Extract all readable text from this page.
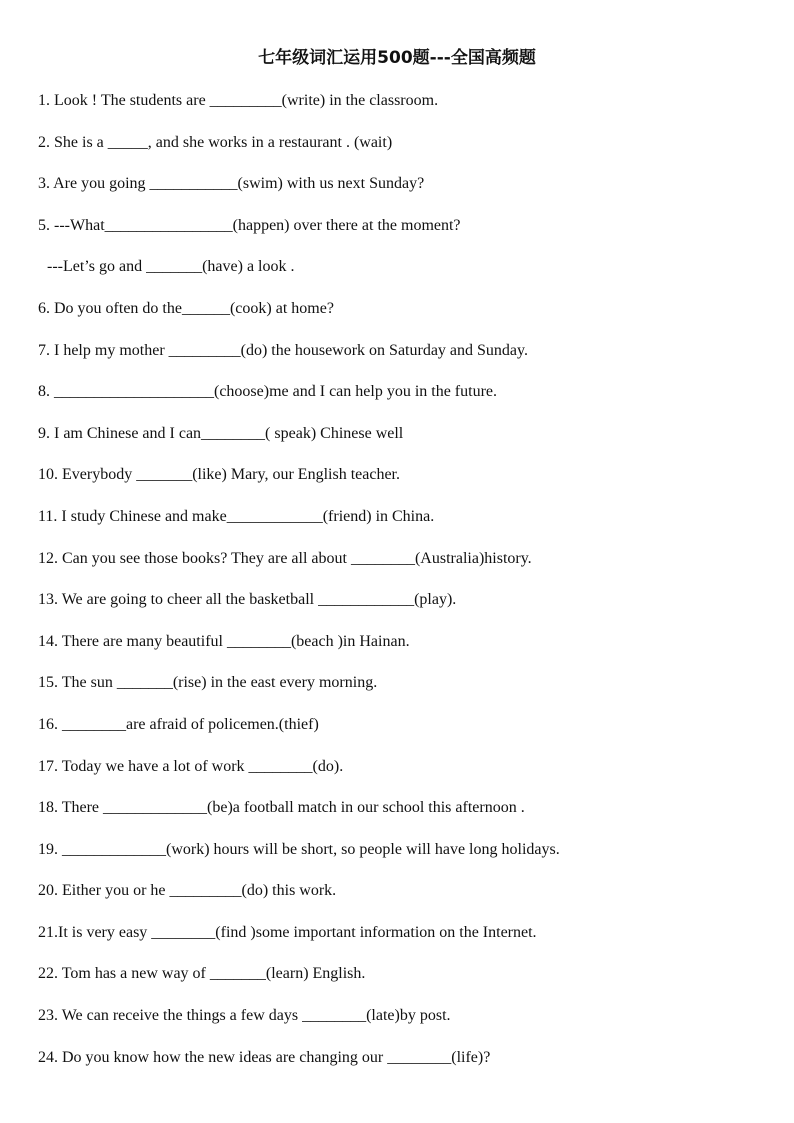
七年级词汇运用500题---全国高频题
1. Look ! The students are _________(write) in the classroom.
2. She is a _____, and she works in a restaurant . (wait)
3. Are you going ___________(swim) with us next Sunday?
5. ---What________________(happen) over there at the moment?
---Let’s go and _______(have) a look .
6. Do you often do the______(cook) at home?
7. I help my mother _________(do) the housework on Saturday and Sunday.
8. ____________________(choose)me and I can help you in the future.
9. I am Chinese and I can________( speak) Chinese well
10. Everybody _______(like) Mary, our English teacher.
11. I study Chinese and make____________(friend) in China.
12. Can you see those books? They are all about ________(Australia)history.
13. We are going to cheer all the basketball ____________(play).
14. There are many beautiful ________(beach )in Hainan.
15. The sun _______(rise) in the east every morning.
16. ________are afraid of policemen.(thief)
17. Today we have a lot of work ________(do).
18. There _____________(be)a football match in our school this afternoon .
19. _____________(work) hours will be short, so people will have long holidays.
20. Either you or he _________(do) this work.
21.It is very easy ________(find )some important information on the Internet.
22. Tom has a new way of _______(learn) English.
23. We can receive the things a few days ________(late)by post.
24. Do you know how the new ideas are changing our ________(life)?
